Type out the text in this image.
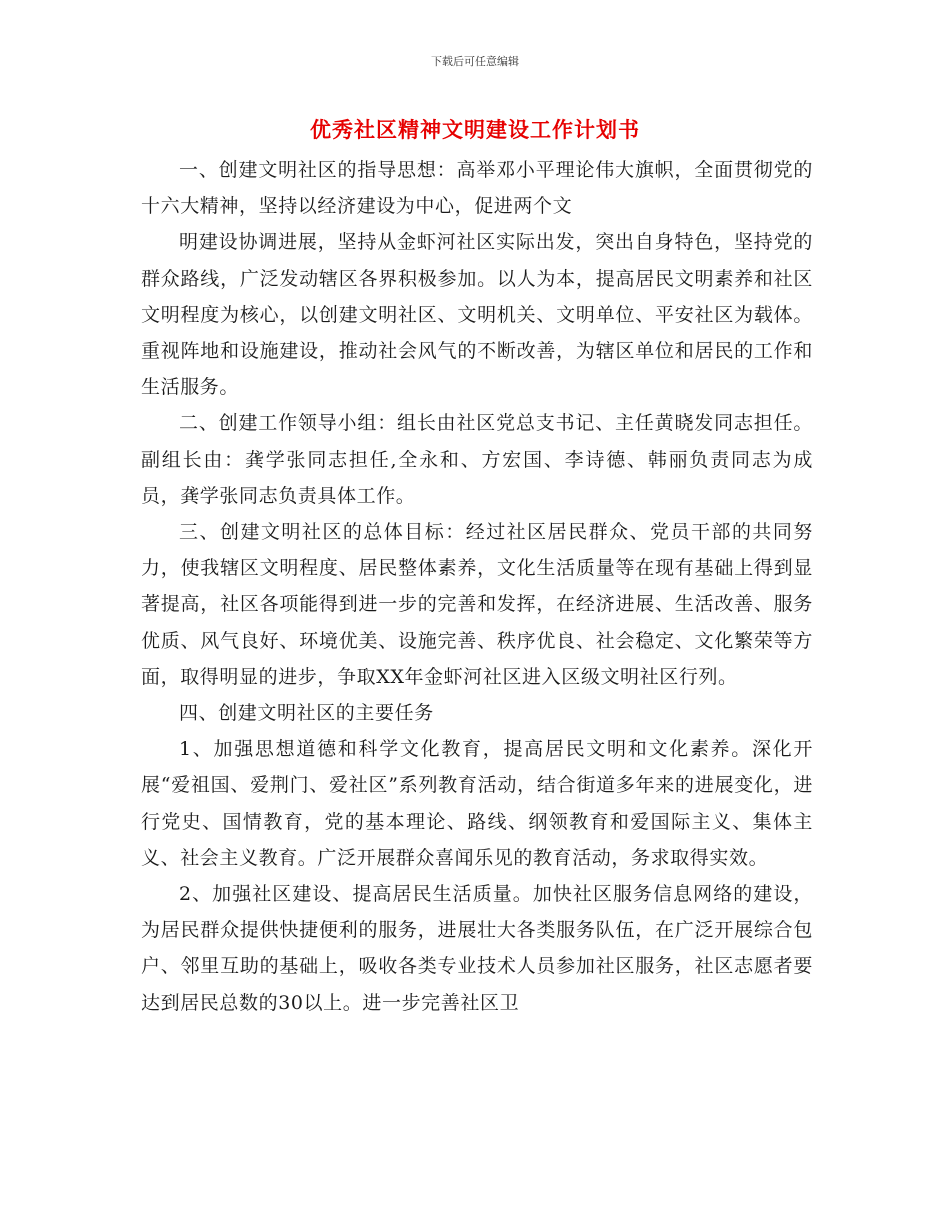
下载后可任意编辑
优秀社区精神文明建设工作计划书

一、创建文明社区的指导思想：高举邓小平理论伟大旗帜，全面贯彻党的十六大精神，坚持以经济建设为中心，促进两个文

明建设协调进展，坚持从金虾河社区实际出发，突出自身特色，坚持党的群众路线，广泛发动辖区各界积极参加。以人为本，提高居民文明素养和社区文明程度为核心，以创建文明社区、文明机关、文明单位、平安社区为载体。重视阵地和设施建设，推动社会风气的不断改善，为辖区单位和居民的工作和生活服务。

二、创建工作领导小组：组长由社区党总支书记、主任黄晓发同志担任。副组长由：龚学张同志担任,全永和、方宏国、李诗德、韩丽负责同志为成员，龚学张同志负责具体工作。

三、创建文明社区的总体目标：经过社区居民群众、党员干部的共同努力，使我辖区文明程度、居民整体素养，文化生活质量等在现有基础上得到显著提高，社区各项能得到进一步的完善和发挥，在经济进展、生活改善、服务优质、风气良好、环境优美、设施完善、秩序优良、社会稳定、文化繁荣等方面，取得明显的进步，争取XX年金虾河社区进入区级文明社区行列。

四、创建文明社区的主要任务

1、加强思想道德和科学文化教育，提高居民文明和文化素养。深化开展“爱祖国、爱荆门、爱社区”系列教育活动，结合街道多年来的进展变化，进行党史、国情教育，党的基本理论、路线、纲领教育和爱国际主义、集体主义、社会主义教育。广泛开展群众喜闻乐见的教育活动，务求取得实效。

2、加强社区建设、提高居民生活质量。加快社区服务信息网络的建设，为居民群众提供快捷便利的服务，进展壮大各类服务队伍，在广泛开展综合包户、邻里互助的基础上，吸收各类专业技术人员参加社区服务，社区志愿者要达到居民总数的30以上。进一步完善社区卫
